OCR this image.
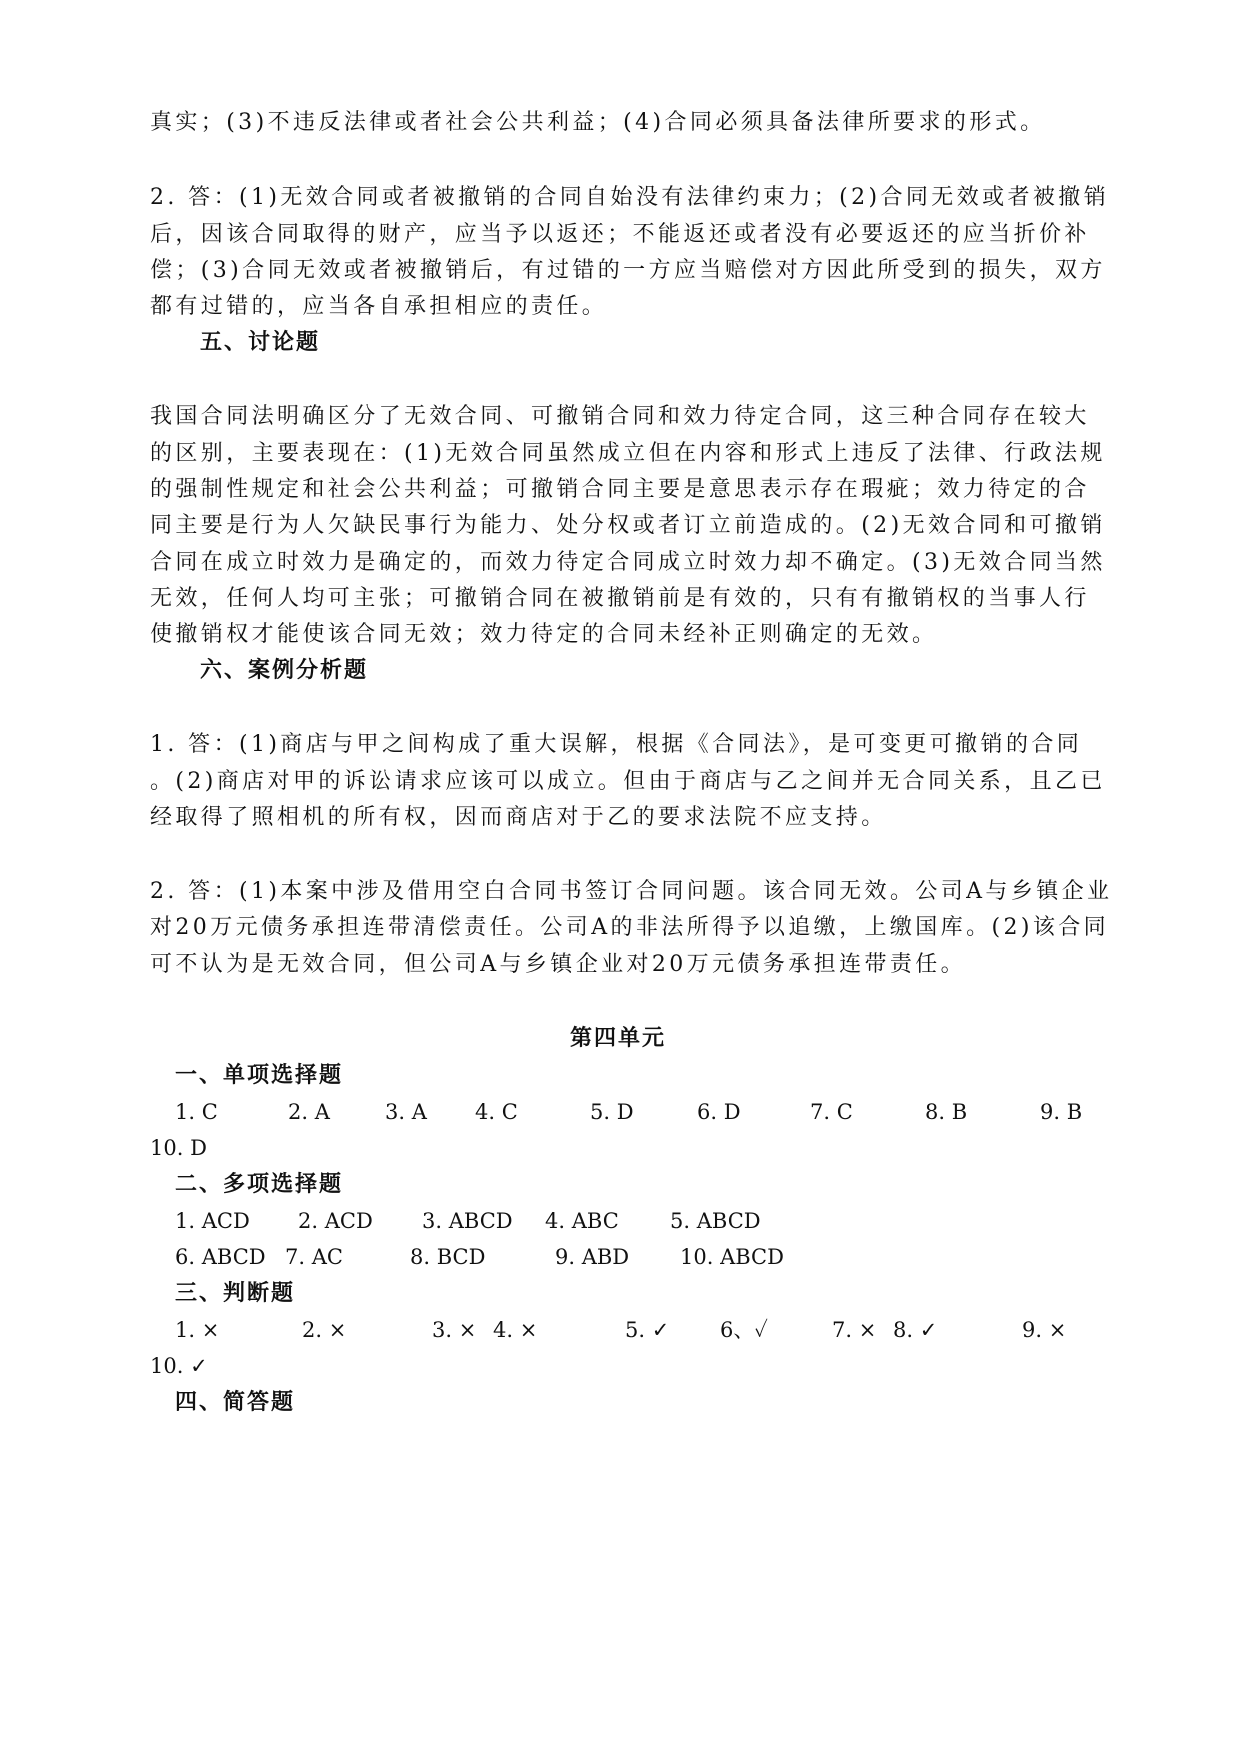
真实；(3)不违反法律或者社会公共利益；(4)合同必须具备法律所要求的形式。
2. 答：(1)无效合同或者被撤销的合同自始没有法律约束力；(2)合同无效或者被撤销
后，因该合同取得的财产，应当予以返还；不能返还或者没有必要返还的应当折价补
偿；(3)合同无效或者被撤销后，有过错的一方应当赔偿对方因此所受到的损失，双方
都有过错的，应当各自承担相应的责任。
五、讨论题
我国合同法明确区分了无效合同、可撤销合同和效力待定合同，这三种合同存在较大
的区别，主要表现在：(1)无效合同虽然成立但在内容和形式上违反了法律、行政法规
的强制性规定和社会公共利益；可撤销合同主要是意思表示存在瑕疵；效力待定的合
同主要是行为人欠缺民事行为能力、处分权或者订立前造成的。(2)无效合同和可撤销
合同在成立时效力是确定的，而效力待定合同成立时效力却不确定。(3)无效合同当然
无效，任何人均可主张；可撤销合同在被撤销前是有效的，只有有撤销权的当事人行
使撤销权才能使该合同无效；效力待定的合同未经补正则确定的无效。
六、案例分析题
1. 答：(1)商店与甲之间构成了重大误解，根据《合同法》，是可变更可撤销的合同
。(2)商店对甲的诉讼请求应该可以成立。但由于商店与乙之间并无合同关系，且乙已
经取得了照相机的所有权，因而商店对于乙的要求法院不应支持。
2. 答：(1)本案中涉及借用空白合同书签订合同问题。该合同无效。公司A与乡镇企业
对20万元债务承担连带清偿责任。公司A的非法所得予以追缴，上缴国库。(2)该合同
可不认为是无效合同，但公司A与乡镇企业对20万元债务承担连带责任。
第四单元
一、单项选择题
1. C	2. A	3. A 4. C	5. D	6. D	7. C	8. B	9. B
10. D
二、多项选择题
1. ACD 2. ACD 3. ABCD 4. ABC 5. ABCD
6. ABCD 7. AC	8. BCD	9. ABD 10. ABCD
三、判断题
1. ×	2. ×	3. × 4. ×	5. ✓ 6、✓	7. × 8. ✓	9. ×
10. ✓
四、简答题
